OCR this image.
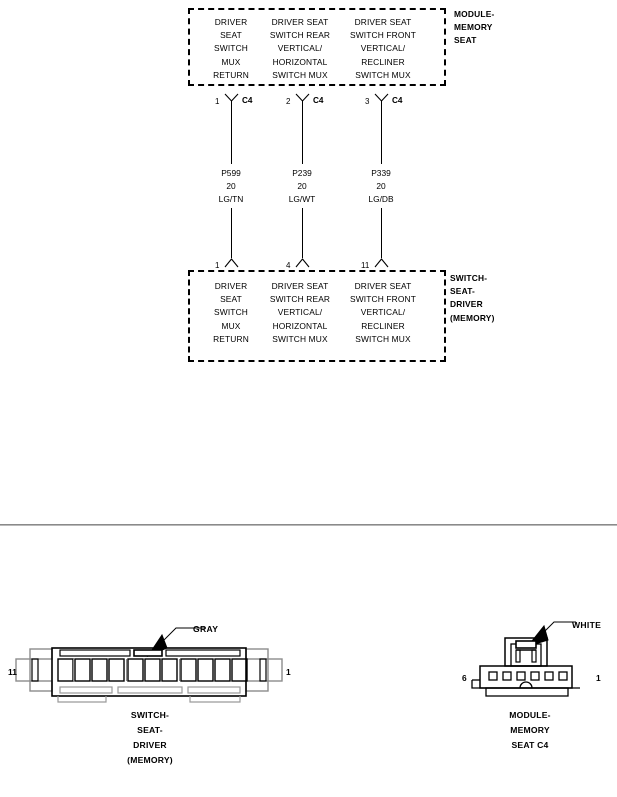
DRIVER
SEAT
SWITCH
MUX
RETURN
DRIVER SEAT
SWITCH REAR
VERTICAL/
HORIZONTAL
SWITCH MUX
DRIVER SEAT
SWITCH FRONT
VERTICAL/
RECLINER
SWITCH MUX
MODULE-
MEMORY
SEAT
1	C4	2	C4	3	C4
P599
20
LG/TN
P239
20
LG/WT
P339
20
LG/DB
1	4	11
DRIVER
SEAT
SWITCH
MUX
RETURN
DRIVER SEAT
SWITCH REAR
VERTICAL/
HORIZONTAL
SWITCH MUX
DRIVER SEAT
SWITCH FRONT
VERTICAL/
RECLINER
SWITCH MUX
SWITCH-
SEAT-
DRIVER
(MEMORY)
GRAY
11	1
SWITCH-
SEAT-
DRIVER
(MEMORY)
WHITE
6	1
MODULE-
MEMORY
SEAT C4
